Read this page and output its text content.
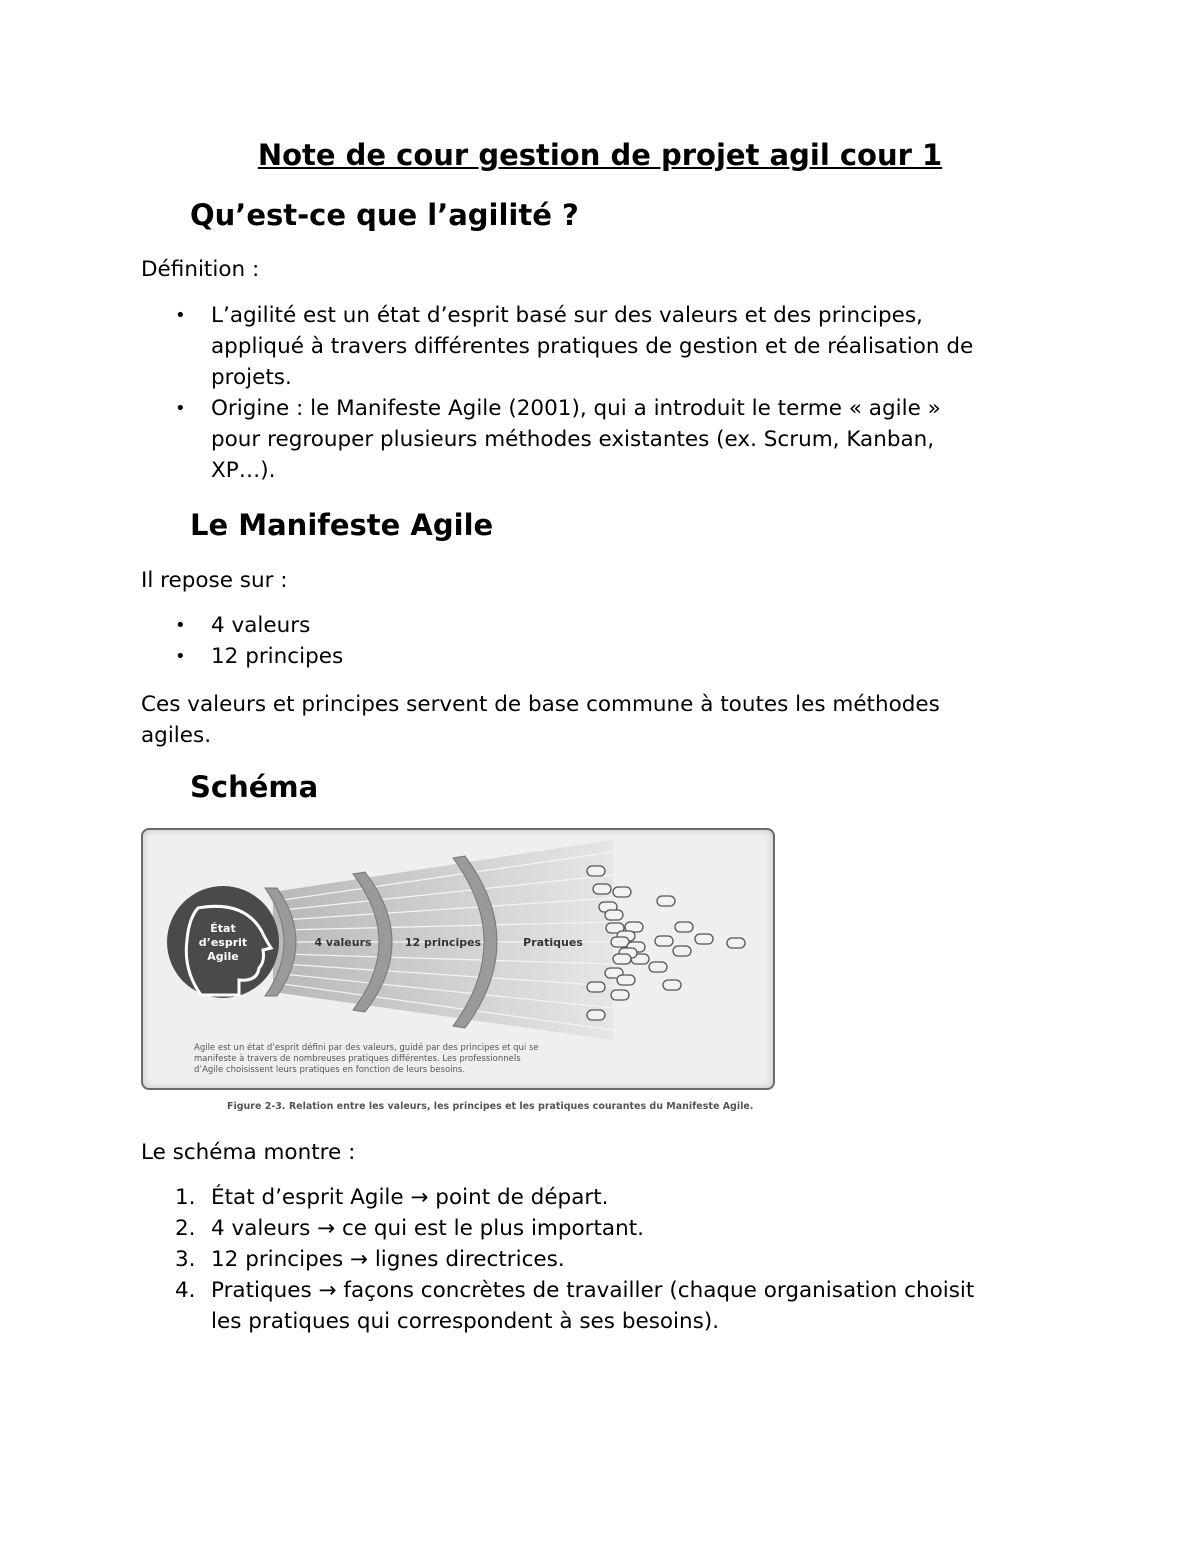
Note de cour gestion de projet agil cour 1
Qu’est-ce que l’agilité ?

Définition :

• L’agilité est un état d’esprit basé sur des valeurs et des principes,
appliqué à travers différentes pratiques de gestion et de réalisation de
projets.
• Origine : le Manifeste Agile (2001), qui a introduit le terme « agile »
pour regrouper plusieurs méthodes existantes (ex. Scrum, Kanban,
XP…).
Le Manifeste Agile

Il repose sur :

• 4 valeurs
• 12 principes

Ces valeurs et principes servent de base commune à toutes les méthodes
agiles.

Schéma
État
d’esprit
Agile
4 valeurs	12 principes	Pratiques

Agile est un état d’esprit défini par des valeurs, guidé par des principes et qui se
manifeste à travers de nombreuses pratiques différentes. Les professionnels
d’Agile choisissent leurs pratiques en fonction de leurs besoins.

Figure 2-3. Relation entre les valeurs, les principes et les pratiques courantes du Manifeste Agile.

Le schéma montre :

1. État d’esprit Agile → point de départ.
2. 4 valeurs → ce qui est le plus important.
3. 12 principes → lignes directrices.
4. Pratiques → façons concrètes de travailler (chaque organisation choisit
les pratiques qui correspondent à ses besoins).
